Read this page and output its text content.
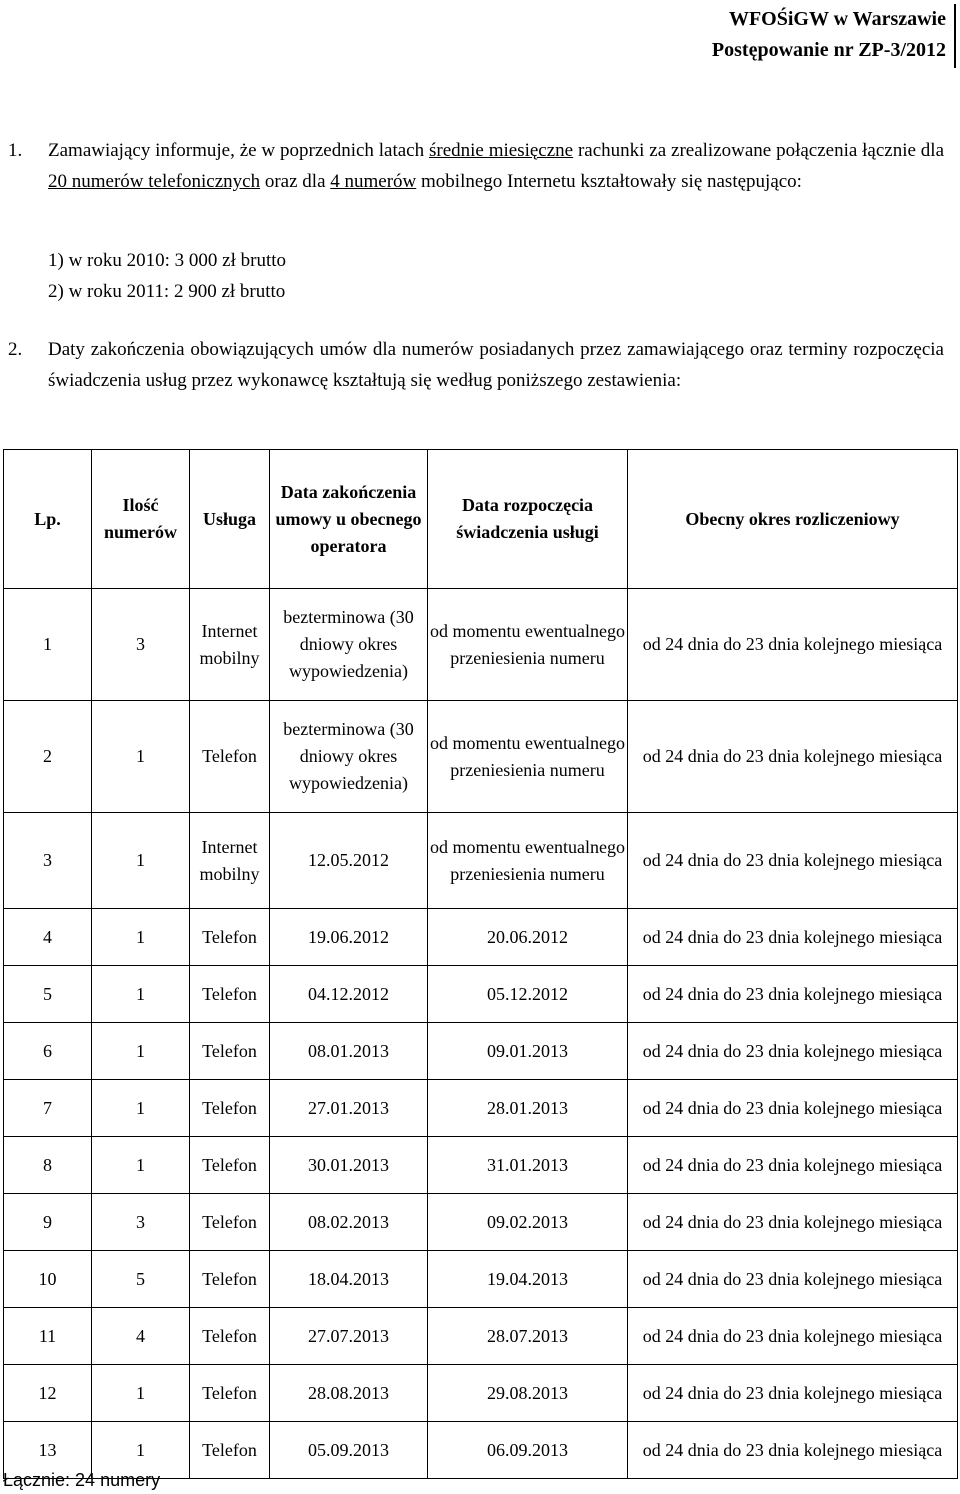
WFOŚiGW w Warszawie
Postępowanie nr ZP-3/2012
1. Zamawiający informuje, że w poprzednich latach średnie miesięczne rachunki za zrealizowane połączenia łącznie dla 20 numerów telefonicznych oraz dla 4 numerów mobilnego Internetu kształtowały się następująco:
1) w roku 2010: 3 000 zł brutto
2) w roku 2011: 2 900 zł brutto
2. Daty zakończenia obowiązujących umów dla numerów posiadanych przez zamawiającego oraz terminy rozpoczęcia świadczenia usług przez wykonawcę kształtują się według poniższego zestawienia:
Lp.	Ilość numerów	Usługa	Data zakończenia umowy u obecnego operatora	Data rozpoczęcia świadczenia usługi	Obecny okres rozliczeniowy
1	3	Internet mobilny	bezterminowa (30 dniowy okres wypowiedzenia)	od momentu ewentualnego przeniesienia numeru	od 24 dnia do 23 dnia kolejnego miesiąca
2	1	Telefon	bezterminowa (30 dniowy okres wypowiedzenia)	od momentu ewentualnego przeniesienia numeru	od 24 dnia do 23 dnia kolejnego miesiąca
3	1	Internet mobilny	12.05.2012	od momentu ewentualnego przeniesienia numeru	od 24 dnia do 23 dnia kolejnego miesiąca
4	1	Telefon	19.06.2012	20.06.2012	od 24 dnia do 23 dnia kolejnego miesiąca
5	1	Telefon	04.12.2012	05.12.2012	od 24 dnia do 23 dnia kolejnego miesiąca
6	1	Telefon	08.01.2013	09.01.2013	od 24 dnia do 23 dnia kolejnego miesiąca
7	1	Telefon	27.01.2013	28.01.2013	od 24 dnia do 23 dnia kolejnego miesiąca
8	1	Telefon	30.01.2013	31.01.2013	od 24 dnia do 23 dnia kolejnego miesiąca
9	3	Telefon	08.02.2013	09.02.2013	od 24 dnia do 23 dnia kolejnego miesiąca
10	5	Telefon	18.04.2013	19.04.2013	od 24 dnia do 23 dnia kolejnego miesiąca
11	4	Telefon	27.07.2013	28.07.2013	od 24 dnia do 23 dnia kolejnego miesiąca
12	1	Telefon	28.08.2013	29.08.2013	od 24 dnia do 23 dnia kolejnego miesiąca
13	1	Telefon	05.09.2013	06.09.2013	od 24 dnia do 23 dnia kolejnego miesiąca
Łącznie: 24 numery
